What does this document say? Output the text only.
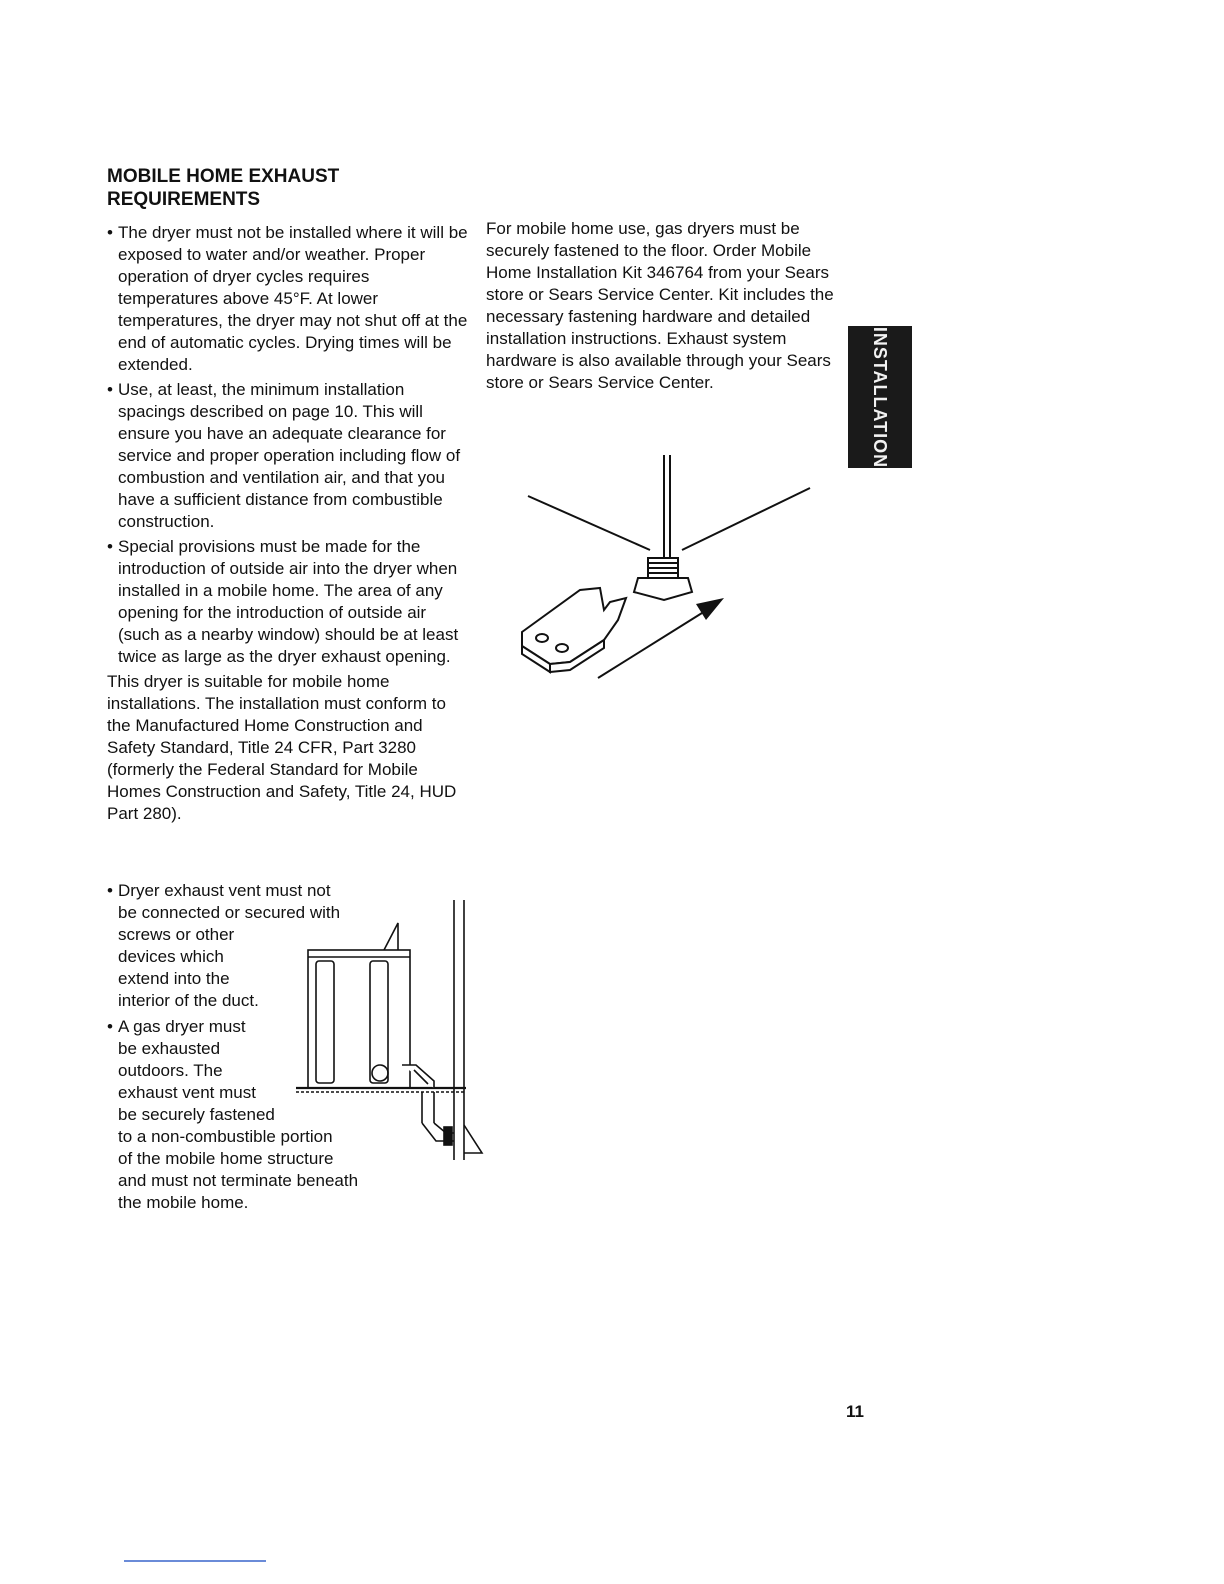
MOBILE HOME EXHAUST
REQUIREMENTS
• The dryer must not be installed where it will be exposed to water and/or weather. Proper operation of dryer cycles requires temperatures above 45°F. At lower temperatures, the dryer may not shut off at the end of automatic cycles. Drying times will be extended.
• Use, at least, the minimum installation spacings described on page 10. This will ensure you have an adequate clearance for service and proper operation including flow of combustion and ventilation air, and that you have a sufficient distance from combustible construction.
• Special provisions must be made for the introduction of outside air into the dryer when installed in a mobile home. The area of any opening for the introduction of outside air (such as a nearby window) should be at least twice as large as the dryer exhaust opening.

This dryer is suitable for mobile home installations. The installation must conform to the Manufactured Home Construction and Safety Standard, Title 24 CFR, Part 3280 (formerly the Federal Standard for Mobile Homes Construction and Safety, Title 24, HUD Part 280).

For mobile home use, gas dryers must be securely fastened to the floor. Order Mobile Home Installation Kit 346764 from your Sears store or Sears Service Center. Kit includes the necessary fastening hardware and detailed installation instructions. Exhaust system hardware is also available through your Sears store or Sears Service Center.	INSTALLATION
• Dryer exhaust vent must not
be connected or secured with
screws or other
devices which
extend into the
interior of the duct.
• A gas dryer must
be exhausted
outdoors. The
exhaust vent must
be securely fastened
to a non-combustible portion
of the mobile home structure
and must not terminate beneath
the mobile home.
11
